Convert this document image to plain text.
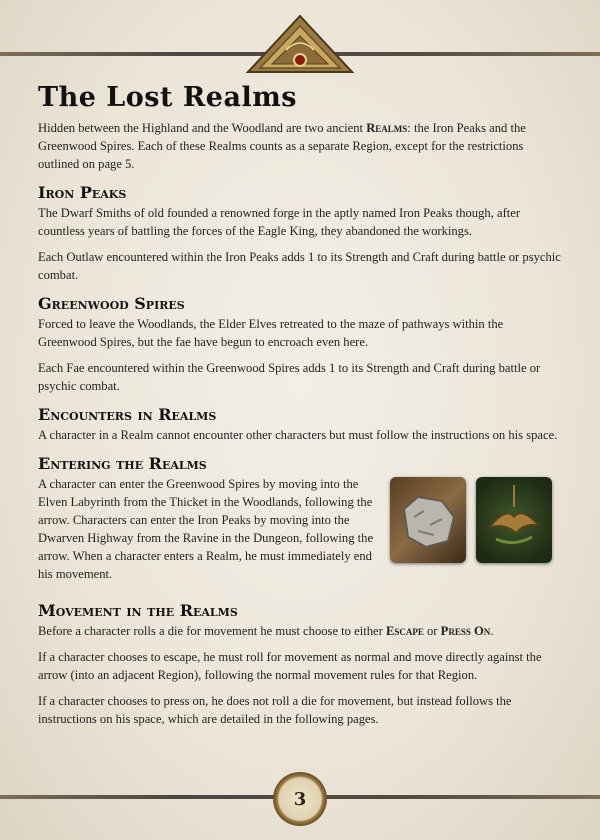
The Lost Realms

Hidden between the Highland and the Woodland are two ancient Realms: the Iron Peaks and the Greenwood Spires. Each of these Realms counts as a separate Region, except for the restrictions outlined on page 5.

Iron Peaks

The Dwarf Smiths of old founded a renowned forge in the aptly named Iron Peaks though, after countless years of battling the forces of the Eagle King, they abandoned the workings.

Each Outlaw encountered within the Iron Peaks adds 1 to its Strength and Craft during battle or psychic combat.

Greenwood Spires

Forced to leave the Woodlands, the Elder Elves retreated to the maze of pathways within the Greenwood Spires, but the fae have begun to encroach even here.

Each Fae encountered within the Greenwood Spires adds 1 to its Strength and Craft during battle or psychic combat.

Encounters in Realms

A character in a Realm cannot encounter other characters but must follow the instructions on his space.

Entering the Realms

A character can enter the Greenwood Spires by moving into the Elven Labyrinth from the Thicket in the Woodlands, following the arrow. Characters can enter the Iron Peaks by moving into the Dwarven Highway from the Ravine in the Dungeon, following the arrow. When a character enters a Realm, he must immediately end his movement.

Movement in the Realms

Before a character rolls a die for movement he must choose to either Escape or Press On.

If a character chooses to escape, he must roll for movement as normal and move directly against the arrow (into an adjacent Region), following the normal movement rules for that Region.

If a character chooses to press on, he does not roll a die for movement, but instead follows the instructions on his space, which are detailed in the following pages.

3
